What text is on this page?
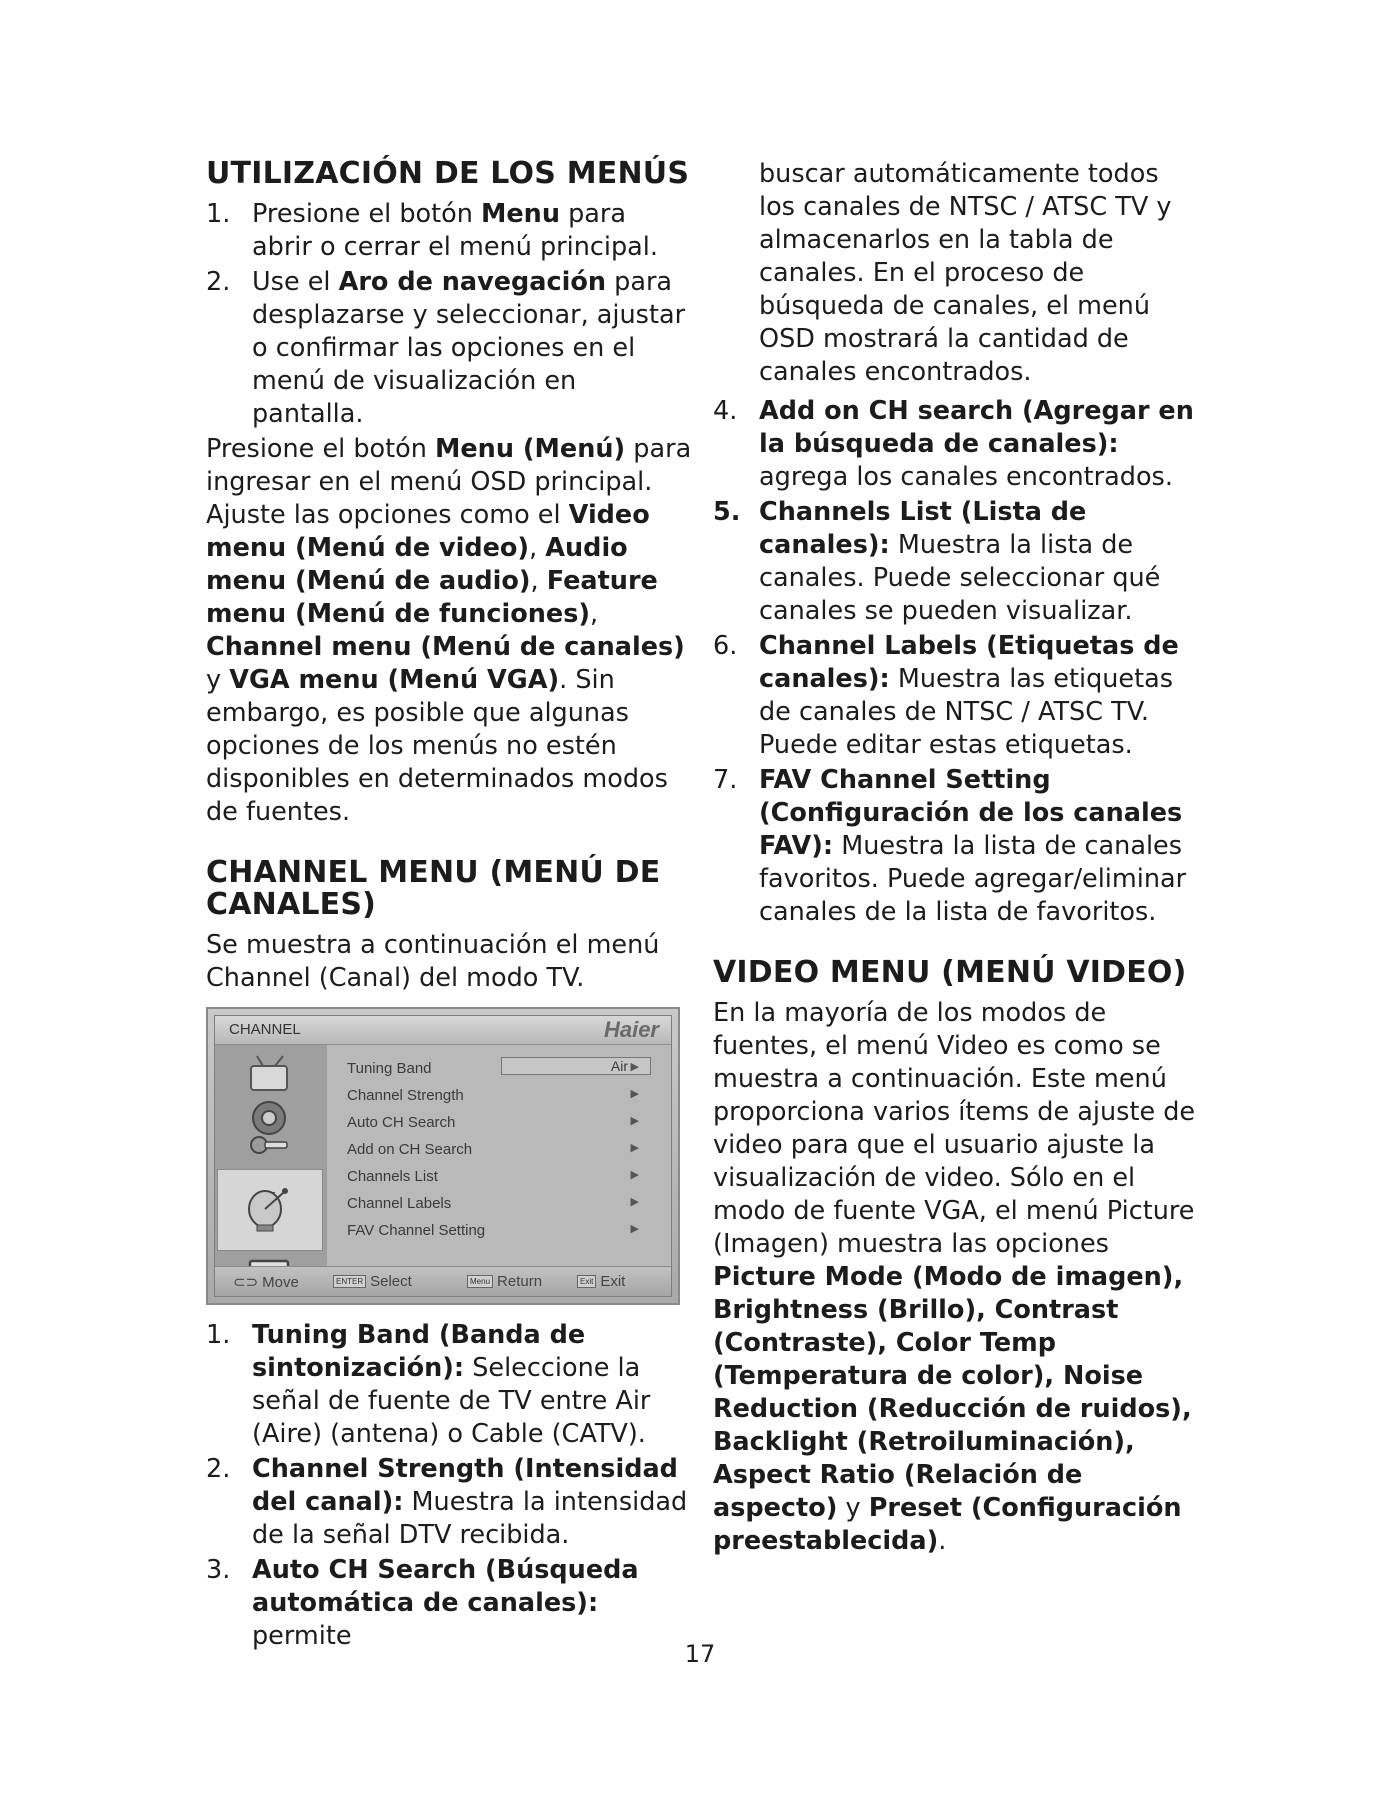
UTILIZACIÓN DE LOS MENÚS
1. Presione el botón Menu para abrir o cerrar el menú principal.
2. Use el Aro de navegación para desplazarse y seleccionar, ajustar o confirmar las opciones en el menú de visualización en pantalla.

Presione el botón Menu (Menú) para ingresar en el menú OSD principal. Ajuste las opciones como el Video menu (Menú de video), Audio menu (Menú de audio), Feature menu (Menú de funciones), Channel menu (Menú de canales) y VGA menu (Menú VGA). Sin embargo, es posible que algunas opciones de los menús no estén disponibles en determinados modos de fuentes.

CHANNEL MENU (MENÚ DE CANALES)

Se muestra a continuación el menú Channel (Canal) del modo TV.

CHANNEL	Haier
Tuning Band	Air ▶
Channel Strength	▶
Auto CH Search	▶
Add on CH Search	▶
Channels List	▶
Channel Labels	▶
FAV Channel Setting	▶
⊂⊃ Move	ENTER Select	Menu Return	Exit Exit
1. Tuning Band (Banda de sintonización): Seleccione la señal de fuente de TV entre Air (Aire) (antena) o Cable (CATV).
2. Channel Strength (Intensidad del canal): Muestra la intensidad de la señal DTV recibida.
3. Auto CH Search (Búsqueda automática de canales): permite

buscar automáticamente todos los canales de NTSC / ATSC TV y almacenarlos en la tabla de canales. En el proceso de búsqueda de canales, el menú OSD mostrará la cantidad de canales encontrados.

4. Add on CH search (Agregar en la búsqueda de canales): agrega los canales encontrados.
5. Channels List (Lista de canales): Muestra la lista de canales. Puede seleccionar qué canales se pueden visualizar.
6. Channel Labels (Etiquetas de canales): Muestra las etiquetas de canales de NTSC / ATSC TV. Puede editar estas etiquetas.
7. FAV Channel Setting (Configuración de los canales FAV): Muestra la lista de canales favoritos. Puede agregar/eliminar canales de la lista de favoritos.
VIDEO MENU (MENÚ VIDEO)

En la mayoría de los modos de fuentes, el menú Video es como se muestra a continuación. Este menú proporciona varios ítems de ajuste de video para que el usuario ajuste la visualización de video. Sólo en el modo de fuente VGA, el menú Picture (Imagen) muestra las opciones Picture Mode (Modo de imagen), Brightness (Brillo), Contrast (Contraste), Color Temp (Temperatura de color), Noise Reduction (Reducción de ruidos), Backlight (Retroiluminación), Aspect Ratio (Relación de aspecto) y Preset (Configuración preestablecida).

17
